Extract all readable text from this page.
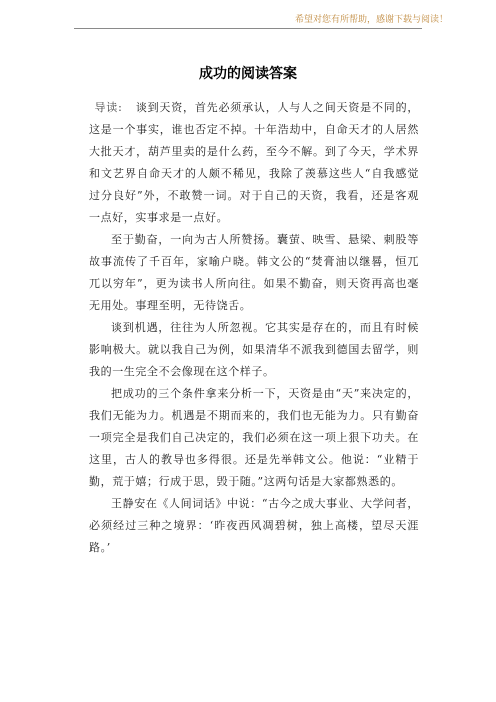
希望对您有所帮助，感谢下载与阅读！
成功的阅读答案

导读: 谈到天资，首先必须承认，人与人之间天资是不同的，这是一个事实，谁也否定不掉。十年浩劫中，自命天才的人居然大批天才，葫芦里卖的是什么药，至今不解。到了今天，学术界和文艺界自命天才的人颇不稀见，我除了羡慕这些人“自我感觉过分良好”外，不敢赞一词。对于自己的天资，我看，还是客观一点好，实事求是一点好。

至于勤奋，一向为古人所赞扬。囊萤、映雪、悬梁、刺股等故事流传了千百年，家喻户晓。韩文公的“焚膏油以继晷，恒兀兀以穷年”，更为读书人所向往。如果不勤奋，则天资再高也毫无用处。事理至明，无待饶舌。

谈到机遇，往往为人所忽视。它其实是存在的，而且有时候影响极大。就以我自己为例，如果清华不派我到德国去留学，则我的一生完全不会像现在这个样子。

把成功的三个条件拿来分析一下，天资是由“天”来决定的，我们无能为力。机遇是不期而来的，我们也无能为力。只有勤奋一项完全是我们自己决定的，我们必须在这一项上狠下功夫。在这里，古人的教导也多得很。还是先举韩文公。他说：“业精于勤，荒于嬉；行成于思，毁于随。”这两句话是大家都熟悉的。

王静安在《人间词话》中说：“古今之成大事业、大学问者，必须经过三种之境界：‘昨夜西风凋碧树，独上高楼，望尽天涯路。’
